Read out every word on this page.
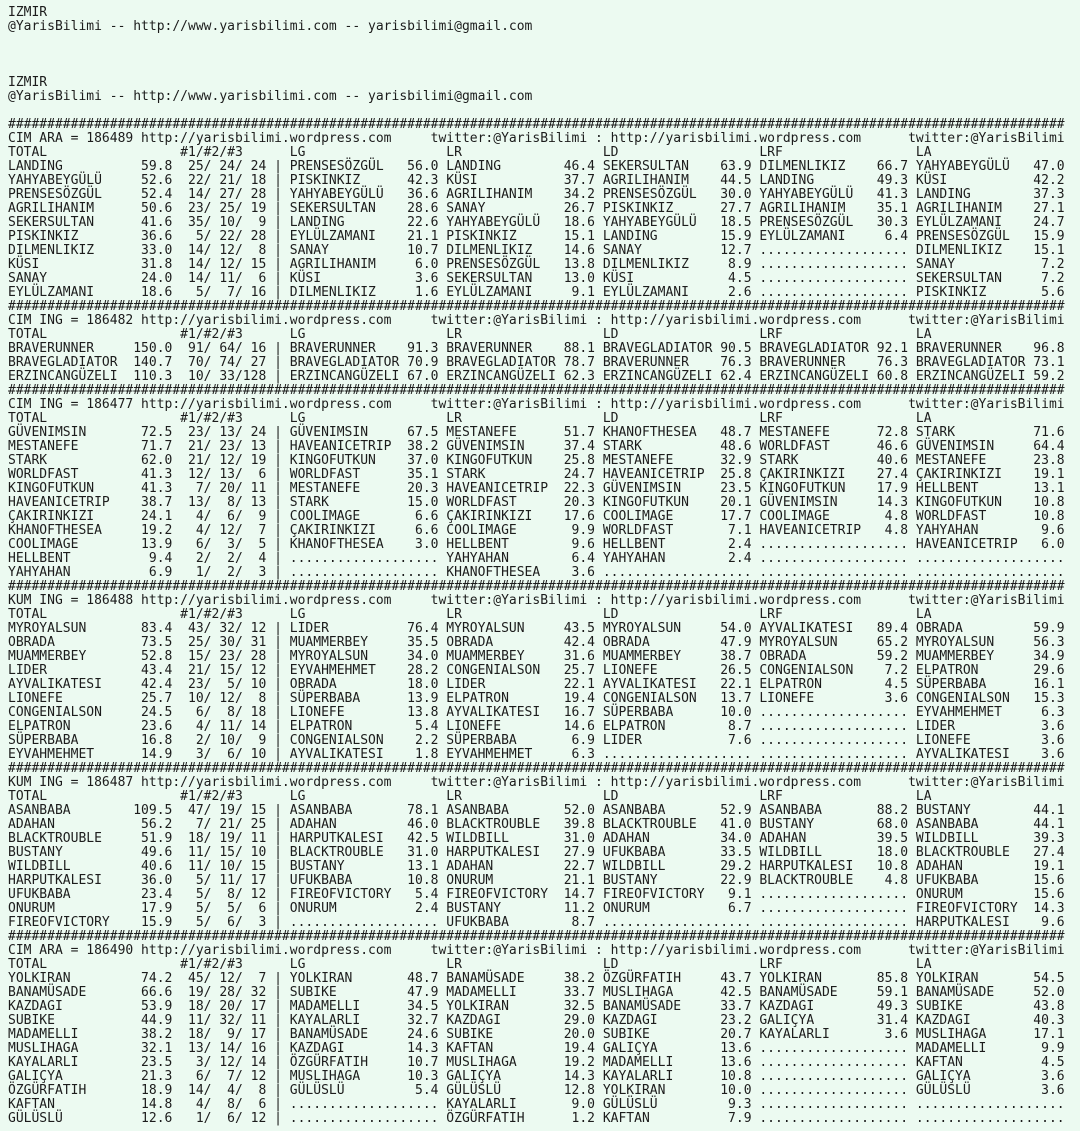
IZMIR
@YarisBilimi -- http://www.yarisbilimi.com -- yarisbilimi@gmail.com

IZMIR
@YarisBilimi -- http://www.yarisbilimi.com -- yarisbilimi@gmail.com

#######################################################################################################################################
CIM ARA = 186489 http://yarisbilimi.wordpress.com     twitter:@YarisBilimi : http://yarisbilimi.wordpress.com      twitter:@YarisBilimi
TOTAL                 #1/#2/#3      LG                  LR                  LD                  LRF                 LA
LANDING          59.8  25/ 24/ 24 | PRENSESÖZGÜL   56.0 LANDING        46.4 SEKERSULTAN    63.9 DILMENLIKIZ    66.7 YAHYABEYGÜLÜ   47.0
YAHYABEYGÜLÜ     52.6  22/ 21/ 18 | PISKINKIZ      42.3 KÜSI           37.7 AGRILIHANIM    44.5 LANDING        49.3 KÜSI           42.2
PRENSESÖZGÜL     52.4  14/ 27/ 28 | YAHYABEYGÜLÜ   36.6 AGRILIHANIM    34.2 PRENSESÖZGÜL   30.0 YAHYABEYGÜLÜ   41.3 LANDING        37.3
AGRILIHANIM      50.6  23/ 25/ 19 | SEKERSULTAN    28.6 SANAY          26.7 PISKINKIZ      27.7 AGRILIHANIM    35.1 AGRILIHANIM    27.1
SEKERSULTAN      41.6  35/ 10/  9 | LANDING        22.6 YAHYABEYGÜLÜ   18.6 YAHYABEYGÜLÜ   18.5 PRENSESÖZGÜL   30.3 EYLÜLZAMANI    24.7
PISKINKIZ        36.6   5/ 22/ 28 | EYLÜLZAMANI    21.1 PISKINKIZ      15.1 LANDING        15.9 EYLÜLZAMANI     6.4 PRENSESÖZGÜL   15.9
DILMENLIKIZ      33.0  14/ 12/  8 | SANAY          10.7 DILMENLIKIZ    14.6 SANAY          12.7 ................... DILMENLIKIZ    15.1
KÜSI             31.8  14/ 12/ 15 | AGRILIHANIM     6.0 PRENSESÖZGÜL   13.8 DILMENLIKIZ     8.9 ................... SANAY           7.2
SANAY            24.0  14/ 11/  6 | KÜSI            3.6 SEKERSULTAN    13.0 KÜSI            4.5 ................... SEKERSULTAN     7.2
EYLÜLZAMANI      18.6   5/  7/ 16 | DILMENLIKIZ     1.6 EYLÜLZAMANI     9.1 EYLÜLZAMANI     2.6 ................... PISKINKIZ       5.6
#######################################################################################################################################
CIM ING = 186482 http://yarisbilimi.wordpress.com     twitter:@YarisBilimi : http://yarisbilimi.wordpress.com      twitter:@YarisBilimi
TOTAL                 #1/#2/#3      LG                  LR                  LD                  LRF                 LA
BRAVERUNNER     150.0  91/ 64/ 16 | BRAVERUNNER    91.3 BRAVERUNNER    88.1 BRAVEGLADIATOR 90.5 BRAVEGLADIATOR 92.1 BRAVERUNNER    96.8
BRAVEGLADIATOR  140.7  70/ 74/ 27 | BRAVEGLADIATOR 70.9 BRAVEGLADIATOR 78.7 BRAVERUNNER    76.3 BRAVERUNNER    76.3 BRAVEGLADIATOR 73.1
ERZINCANGÜZELI  110.3  10/ 33/128 | ERZINCANGÜZELI 67.0 ERZINCANGÜZELI 62.3 ERZINCANGÜZELI 62.4 ERZINCANGÜZELI 60.8 ERZINCANGÜZELI 59.2
#######################################################################################################################################
CIM ING = 186477 http://yarisbilimi.wordpress.com     twitter:@YarisBilimi : http://yarisbilimi.wordpress.com      twitter:@YarisBilimi
TOTAL                 #1/#2/#3      LG                  LR                  LD                  LRF                 LA
GÜVENIMSIN       72.5  23/ 13/ 24 | GÜVENIMSIN     67.5 MESTANEFE      51.7 KHANOFTHESEA   48.7 MESTANEFE      72.8 STARK          71.6
MESTANEFE        71.7  21/ 23/ 13 | HAVEANICETRIP  38.2 GÜVENIMSIN     37.4 STARK          48.6 WORLDFAST      46.6 GÜVENIMSIN     64.4
STARK            62.0  21/ 12/ 19 | KINGOFUTKUN    37.0 KINGOFUTKUN    25.8 MESTANEFE      32.9 STARK          40.6 MESTANEFE      23.8
WORLDFAST        41.3  12/ 13/  6 | WORLDFAST      35.1 STARK          24.7 HAVEANICETRIP  25.8 ÇAKIRINKIZI    27.4 ÇAKIRINKIZI    19.1
KINGOFUTKUN      41.3   7/ 20/ 11 | MESTANEFE      20.3 HAVEANICETRIP  22.3 GÜVENIMSIN     23.5 KINGOFUTKUN    17.9 HELLBENT       13.1
HAVEANICETRIP    38.7  13/  8/ 13 | STARK          15.0 WORLDFAST      20.3 KINGOFUTKUN    20.1 GÜVENIMSIN     14.3 KINGOFUTKUN    10.8
ÇAKIRINKIZI      24.1   4/  6/  9 | COOLIMAGE       6.6 ÇAKIRINKIZI    17.6 COOLIMAGE      17.7 COOLIMAGE       4.8 WORLDFAST      10.8
KHANOFTHESEA     19.2   4/ 12/  7 | ÇAKIRINKIZI     6.6 COOLIMAGE       9.9 WORLDFAST       7.1 HAVEANICETRIP   4.8 YAHYAHAN        9.6
COOLIMAGE        13.9   6/  3/  5 | KHANOFTHESEA    3.0 HELLBENT        9.6 HELLBENT        2.4 ................... HAVEANICETRIP   6.0
HELLBENT          9.4   2/  2/  4 | ................... YAHYAHAN        6.4 YAHYAHAN        2.4 ................... ...................
YAHYAHAN          6.9   1/  2/  3 | ................... KHANOFTHESEA    3.6 ................... ................... ...................
#######################################################################################################################################
KUM ING = 186488 http://yarisbilimi.wordpress.com     twitter:@YarisBilimi : http://yarisbilimi.wordpress.com      twitter:@YarisBilimi
TOTAL                 #1/#2/#3      LG                  LR                  LD                  LRF                 LA
MYROYALSUN       83.4  43/ 32/ 12 | LIDER          76.4 MYROYALSUN     43.5 MYROYALSUN     54.0 AYVALIKATESI   89.4 OBRADA         59.9
OBRADA           73.5  25/ 30/ 31 | MUAMMERBEY     35.5 OBRADA         42.4 OBRADA         47.9 MYROYALSUN     65.2 MYROYALSUN     56.3
MUAMMERBEY       52.8  15/ 23/ 28 | MYROYALSUN     34.0 MUAMMERBEY     31.6 MUAMMERBEY     38.7 OBRADA         59.2 MUAMMERBEY     34.9
LIDER            43.4  21/ 15/ 12 | EYVAHMEHMET    28.2 CONGENIALSON   25.7 LIONEFE        26.5 CONGENIALSON    7.2 ELPATRON       29.6
AYVALIKATESI     42.4  23/  5/ 10 | OBRADA         18.0 LIDER          22.1 AYVALIKATESI   22.1 ELPATRON        4.5 SÜPERBABA      16.1
LIONEFE          25.7  10/ 12/  8 | SÜPERBABA      13.9 ELPATRON       19.4 CONGENIALSON   13.7 LIONEFE         3.6 CONGENIALSON   15.3
CONGENIALSON     24.5   6/  8/ 18 | LIONEFE        13.8 AYVALIKATESI   16.7 SÜPERBABA      10.0 ................... EYVAHMEHMET     6.3
ELPATRON         23.6   4/ 11/ 14 | ELPATRON        5.4 LIONEFE        14.6 ELPATRON        8.7 ................... LIDER           3.6
SÜPERBABA        16.8   2/ 10/  9 | CONGENIALSON    2.2 SÜPERBABA       6.9 LIDER           7.6 ................... LIONEFE         3.6
EYVAHMEHMET      14.9   3/  6/ 10 | AYVALIKATESI    1.8 EYVAHMEHMET     6.3 ................... ................... AYVALIKATESI    3.6
#######################################################################################################################################
KUM ING = 186487 http://yarisbilimi.wordpress.com     twitter:@YarisBilimi : http://yarisbilimi.wordpress.com      twitter:@YarisBilimi
TOTAL                 #1/#2/#3      LG                  LR                  LD                  LRF                 LA
ASANBABA        109.5  47/ 19/ 15 | ASANBABA       78.1 ASANBABA       52.0 ASANBABA       52.9 ASANBABA       88.2 BUSTANY        44.1
ADAHAN           56.2   7/ 21/ 25 | ADAHAN         46.0 BLACKTROUBLE   39.8 BLACKTROUBLE   41.0 BUSTANY        68.0 ASANBABA       44.1
BLACKTROUBLE     51.9  18/ 19/ 11 | HARPUTKALESI   42.5 WILDBILL       31.0 ADAHAN         34.0 ADAHAN         39.5 WILDBILL       39.3
BUSTANY          49.6  11/ 15/ 10 | BLACKTROUBLE   31.0 HARPUTKALESI   27.9 UFUKBABA       33.5 WILDBILL       18.0 BLACKTROUBLE   27.4
WILDBILL         40.6  11/ 10/ 15 | BUSTANY        13.1 ADAHAN         22.7 WILDBILL       29.2 HARPUTKALESI   10.8 ADAHAN         19.1
HARPUTKALESI     36.0   5/ 11/ 17 | UFUKBABA       10.8 ONURUM         21.1 BUSTANY        22.9 BLACKTROUBLE    4.8 UFUKBABA       15.6
UFUKBABA         23.4   5/  8/ 12 | FIREOFVICTORY   5.4 FIREOFVICTORY  14.7 FIREOFVICTORY   9.1 ................... ONURUM         15.6
ONURUM           17.9   5/  5/  6 | ONURUM          2.4 BUSTANY        11.2 ONURUM          6.7 ................... FIREOFVICTORY  14.3
FIREOFVICTORY    15.9   5/  6/  3 | ................... UFUKBABA        8.7 ................... ................... HARPUTKALESI    9.6
#######################################################################################################################################
CIM ARA = 186490 http://yarisbilimi.wordpress.com     twitter:@YarisBilimi : http://yarisbilimi.wordpress.com      twitter:@YarisBilimi
TOTAL                 #1/#2/#3      LG                  LR                  LD                  LRF                 LA
YOLKIRAN         74.2  45/ 12/  7 | YOLKIRAN       48.7 BANAMÜSADE     38.2 ÖZGÜRFATIH     43.7 YOLKIRAN       85.8 YOLKIRAN       54.5
BANAMÜSADE       66.6  19/ 28/ 32 | SUBIKE         47.9 MADAMELLI      33.7 MUSLIHAGA      42.5 BANAMÜSADE     59.1 BANAMÜSADE     52.0
KAZDAGI          53.9  18/ 20/ 17 | MADAMELLI      34.5 YOLKIRAN       32.5 BANAMÜSADE     33.7 KAZDAGI        49.3 SUBIKE         43.8
SUBIKE           44.9  11/ 32/ 11 | KAYALARLI      32.7 KAZDAGI        29.0 KAZDAGI        23.2 GALIÇYA        31.4 KAZDAGI        40.3
MADAMELLI        38.2  18/  9/ 17 | BANAMÜSADE     24.6 SUBIKE         20.0 SUBIKE         20.7 KAYALARLI       3.6 MUSLIHAGA      17.1
MUSLIHAGA        32.1  13/ 14/ 16 | KAZDAGI        14.3 KAFTAN         19.4 GALIÇYA        13.6 ................... MADAMELLI       9.9
KAYALARLI        23.5   3/ 12/ 14 | ÖZGÜRFATIH     10.7 MUSLIHAGA      19.2 MADAMELLI      13.6 ................... KAFTAN          4.5
GALIÇYA          21.3   6/  7/ 12 | MUSLIHAGA      10.3 GALIÇYA        14.3 KAYALARLI      10.8 ................... GALIÇYA         3.6
ÖZGÜRFATIH       18.9  14/  4/  8 | GÜLÜSLÜ         5.4 GÜLÜSLÜ        12.8 YOLKIRAN       10.0 ................... GÜLÜSLÜ         3.6
KAFTAN           14.8   4/  8/  6 | ................... KAYALARLI       9.0 GÜLÜSLÜ         9.3 ................... ...................
GÜLÜSLÜ          12.6   1/  6/ 12 | ................... ÖZGÜRFATIH      1.2 KAFTAN          7.9 ................... ...................
